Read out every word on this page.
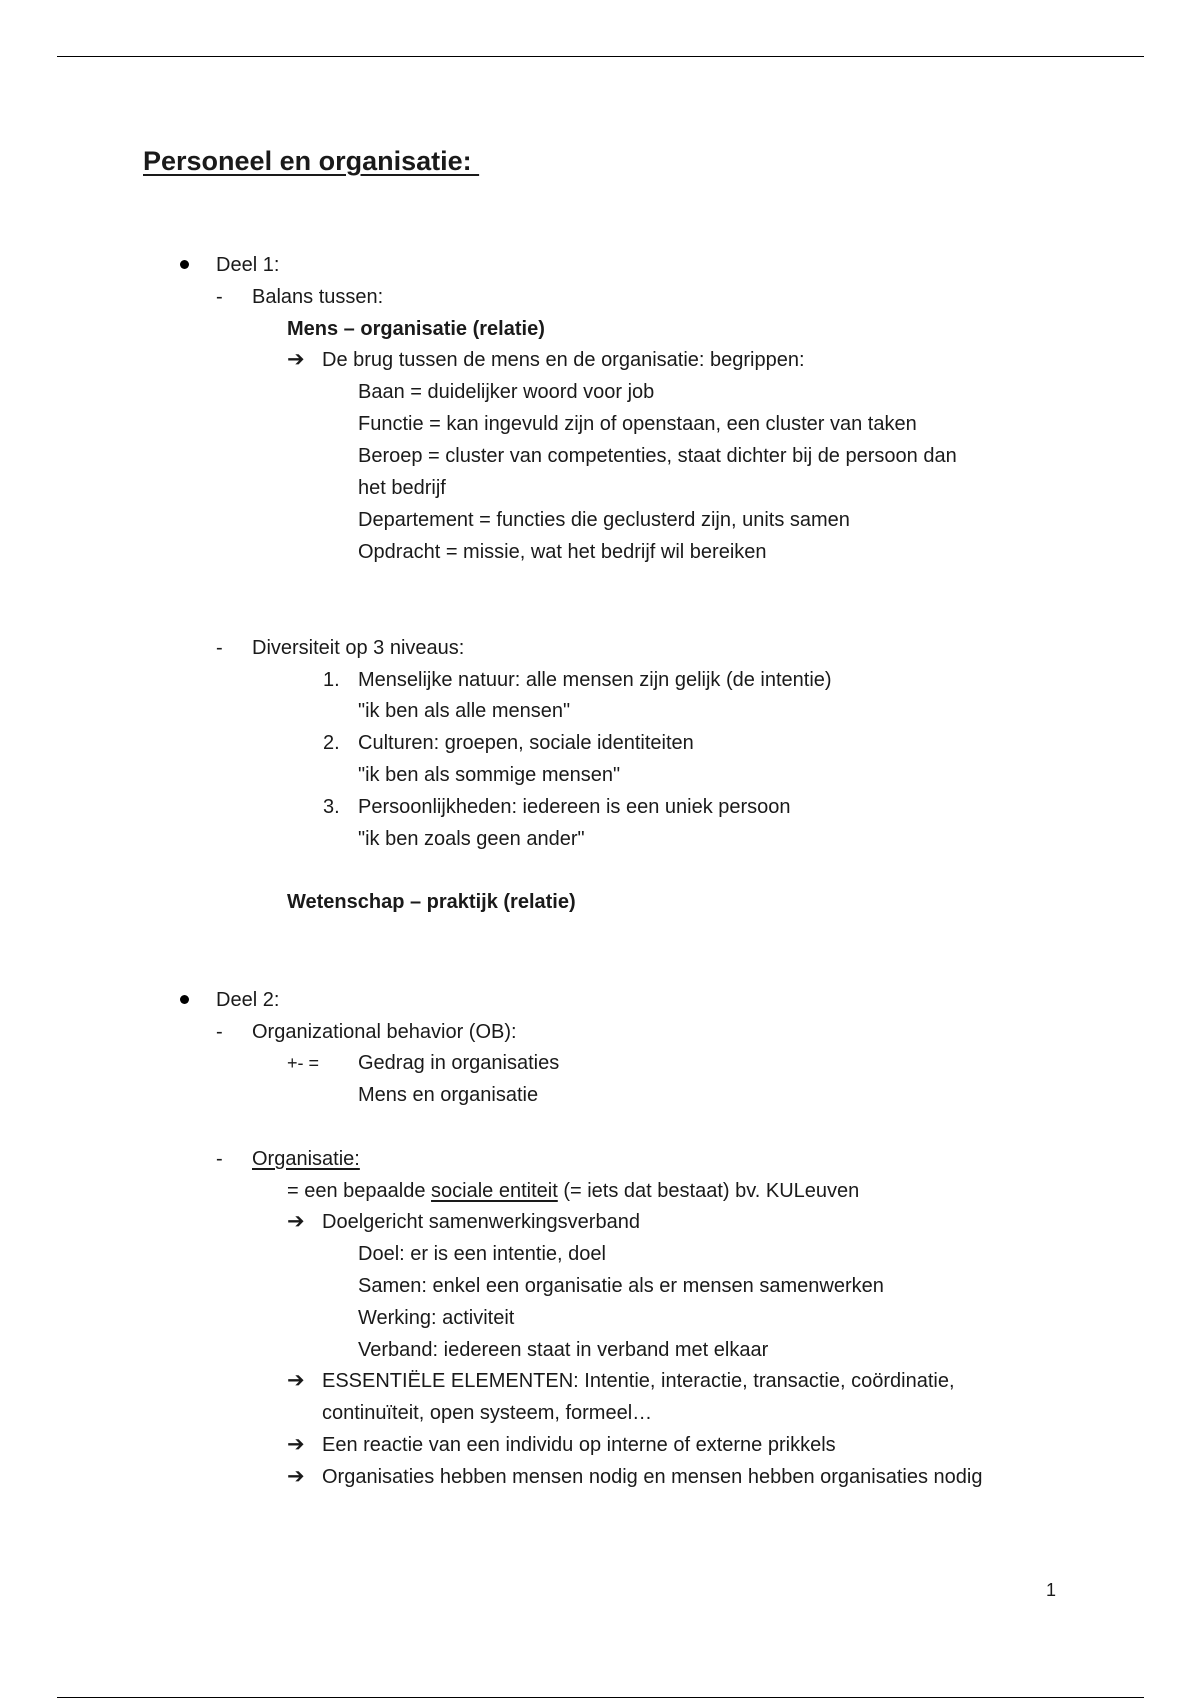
Personeel en organisatie:
Deel 1:
- Balans tussen:
Mens – organisatie (relatie)
➔ De brug tussen de mens en de organisatie: begrippen:
Baan = duidelijker woord voor job
Functie = kan ingevuld zijn of openstaan, een cluster van taken
Beroep = cluster van competenties, staat dichter bij de persoon dan
het bedrijf
Departement = functies die geclusterd zijn, units samen
Opdracht = missie, wat het bedrijf wil bereiken
- Diversiteit op 3 niveaus:
1. Menselijke natuur: alle mensen zijn gelijk (de intentie)
"ik ben als alle mensen"
2. Culturen: groepen, sociale identiteiten
"ik ben als sommige mensen"
3. Persoonlijkheden: iedereen is een uniek persoon
"ik ben zoals geen ander"
Wetenschap – praktijk (relatie)
Deel 2:
- Organizational behavior (OB):
+- = Gedrag in organisaties
Mens en organisatie
- Organisatie:
= een bepaalde sociale entiteit (= iets dat bestaat) bv. KULeuven
➔ Doelgericht samenwerkingsverband
Doel: er is een intentie, doel
Samen: enkel een organisatie als er mensen samenwerken
Werking: activiteit
Verband: iedereen staat in verband met elkaar
➔ ESSENTIËLE ELEMENTEN: Intentie, interactie, transactie, coördinatie,
continuïteit, open systeem, formeel…
➔ Een reactie van een individu op interne of externe prikkels
➔ Organisaties hebben mensen nodig en mensen hebben organisaties nodig
1
